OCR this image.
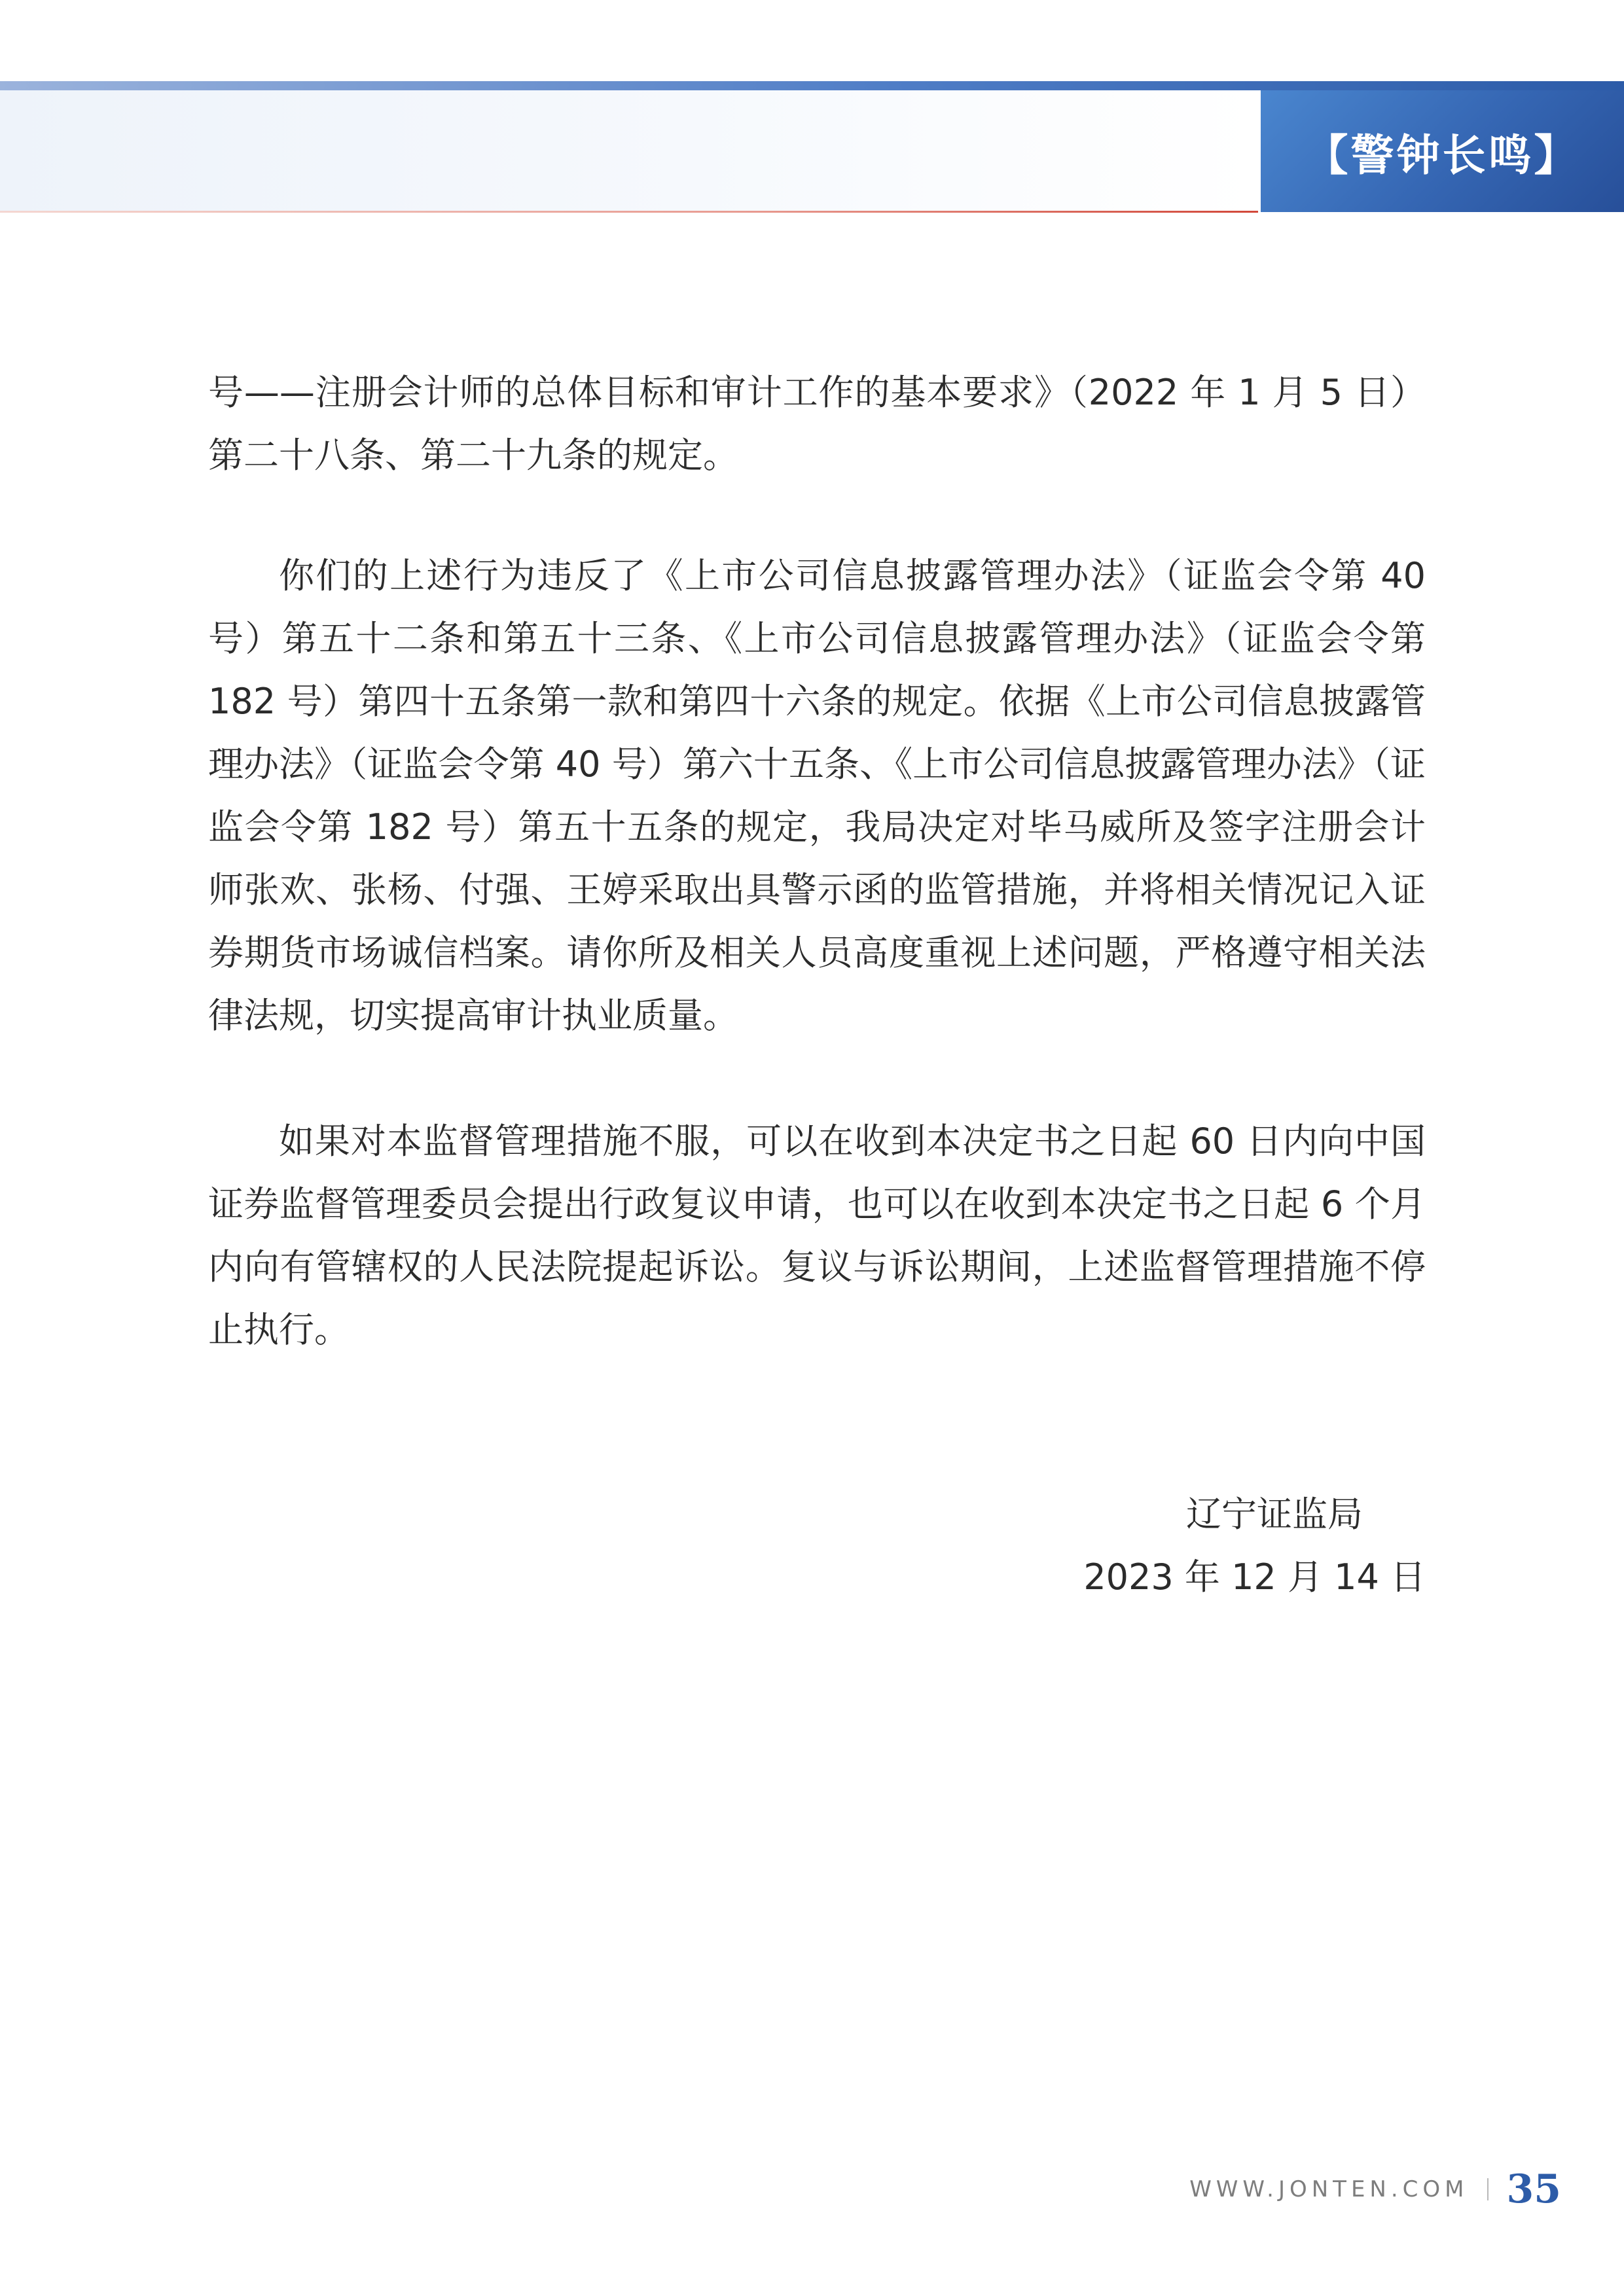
【警钟长鸣】
号——注册会计师的总体目标和审计工作的基本要求》（2022 年 1 月 5 日）第二十八条、第二十九条的规定。
你们的上述行为违反了《上市公司信息披露管理办法》（证监会令第 40 号）第五十二条和第五十三条、《上市公司信息披露管理办法》（证监会令第 182 号）第四十五条第一款和第四十六条的规定。依据《上市公司信息披露管理办法》（证监会令第 40 号）第六十五条、《上市公司信息披露管理办法》（证监会令第 182 号）第五十五条的规定，我局决定对毕马威所及签字注册会计师张欢、张杨、付强、王婷采取出具警示函的监管措施，并将相关情况记入证券期货市场诚信档案。请你所及相关人员高度重视上述问题，严格遵守相关法律法规，切实提高审计执业质量。
如果对本监督管理措施不服，可以在收到本决定书之日起 60 日内向中国证券监督管理委员会提出行政复议申请，也可以在收到本决定书之日起 6 个月内向有管辖权的人民法院提起诉讼。复议与诉讼期间，上述监督管理措施不停止执行。
辽宁证监局
2023 年 12 月 14 日
WWW.JONTEN.COM 35
